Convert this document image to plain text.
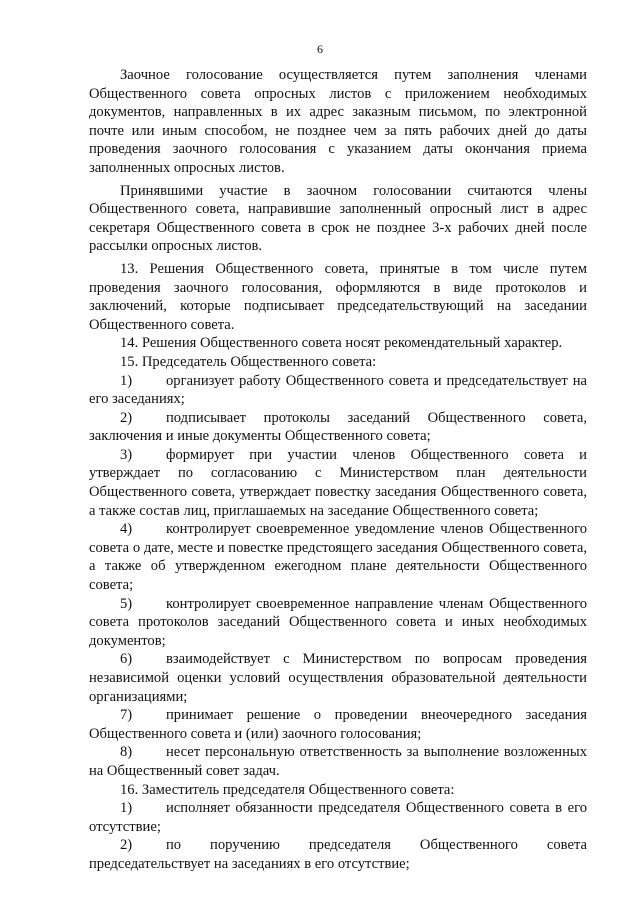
6

Заочное голосование осуществляется путем заполнения членами Общественного совета опросных листов с приложением необходимых документов, направленных в их адрес заказным письмом, по электронной почте или иным способом, не позднее чем за пять рабочих дней до даты проведения заочного голосования с указанием даты окончания приема заполненных опросных листов.

Принявшими участие в заочном голосовании считаются члены Общественного совета, направившие заполненный опросный лист в адрес секретаря Общественного совета в срок не позднее 3-х рабочих дней после рассылки опросных листов.

13. Решения Общественного совета, принятые в том числе путем проведения заочного голосования, оформляются в виде протоколов и заключений, которые подписывает председательствующий на заседании Общественного совета.

14. Решения Общественного совета носят рекомендательный характер.

15. Председатель Общественного совета:

1) организует работу Общественного совета и председательствует на его заседаниях;

2) подписывает протоколы заседаний Общественного совета, заключения и иные документы Общественного совета;

3) формирует при участии членов Общественного совета и утверждает по согласованию с Министерством план деятельности Общественного совета, утверждает повестку заседания Общественного совета, а также состав лиц, приглашаемых на заседание Общественного совета;

4) контролирует своевременное уведомление членов Общественного совета о дате, месте и повестке предстоящего заседания Общественного совета, а также об утвержденном ежегодном плане деятельности Общественного совета;

5) контролирует своевременное направление членам Общественного совета протоколов заседаний Общественного совета и иных необходимых документов;

6) взаимодействует с Министерством по вопросам проведения независимой оценки условий осуществления образовательной деятельности организациями;

7) принимает решение о проведении внеочередного заседания Общественного совета и (или) заочного голосования;

8) несет персональную ответственность за выполнение возложенных на Общественный совет задач.

16. Заместитель председателя Общественного совета:

1) исполняет обязанности председателя Общественного совета в его отсутствие;

2) по поручению председателя Общественного совета председательствует на заседаниях в его отсутствие;
